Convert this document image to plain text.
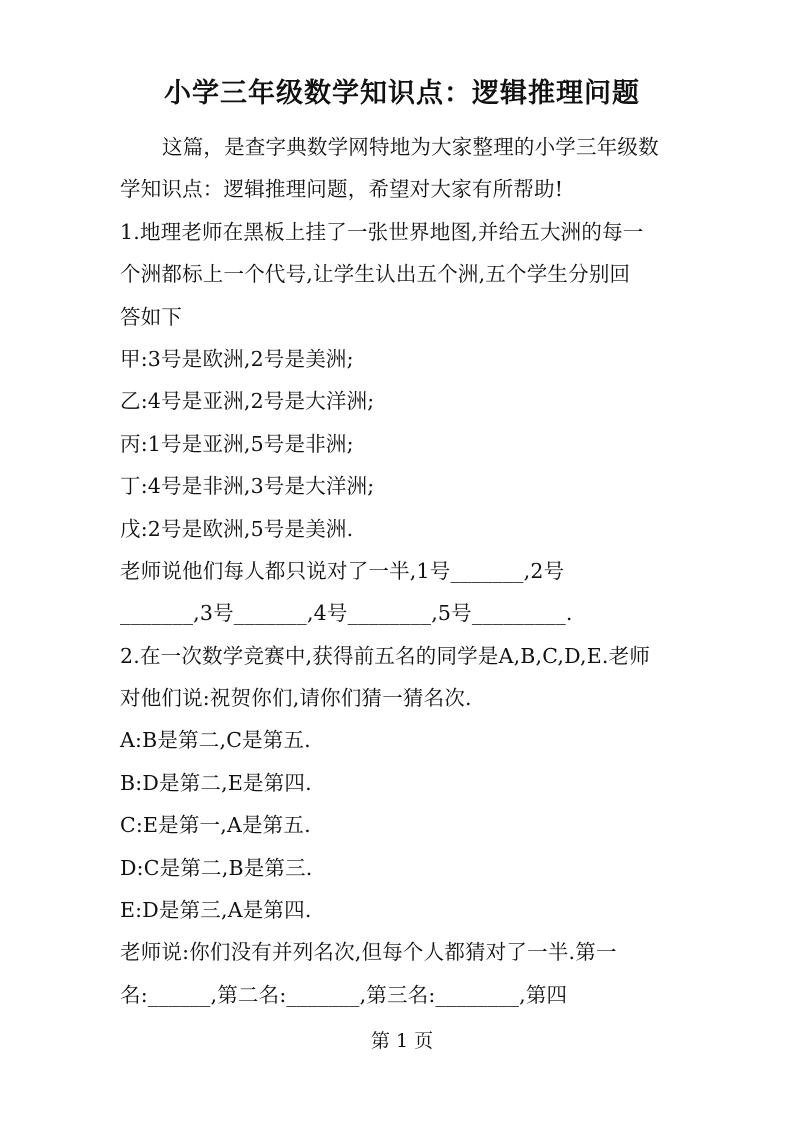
小学三年级数学知识点：逻辑推理问题
这篇，是查字典数学网特地为大家整理的小学三年级数
学知识点：逻辑推理问题，希望对大家有所帮助!
1.地理老师在黑板上挂了一张世界地图,并给五大洲的每一
个洲都标上一个代号,让学生认出五个洲,五个学生分别回
答如下
甲:3号是欧洲,2号是美洲;
乙:4号是亚洲,2号是大洋洲;
丙:1号是亚洲,5号是非洲;
丁:4号是非洲,3号是大洋洲;
戊:2号是欧洲,5号是美洲.
老师说他们每人都只说对了一半,1号_______,2号
_______,3号_______,4号________,5号_________.
2.在一次数学竞赛中,获得前五名的同学是A,B,C,D,E.老师
对他们说:祝贺你们,请你们猜一猜名次.
A:B是第二,C是第五.
B:D是第二,E是第四.
C:E是第一,A是第五.
D:C是第二,B是第三.
E:D是第三,A是第四.
老师说:你们没有并列名次,但每个人都猜对了一半.第一
名:______,第二名:_______,第三名:________,第四
第 1 页
